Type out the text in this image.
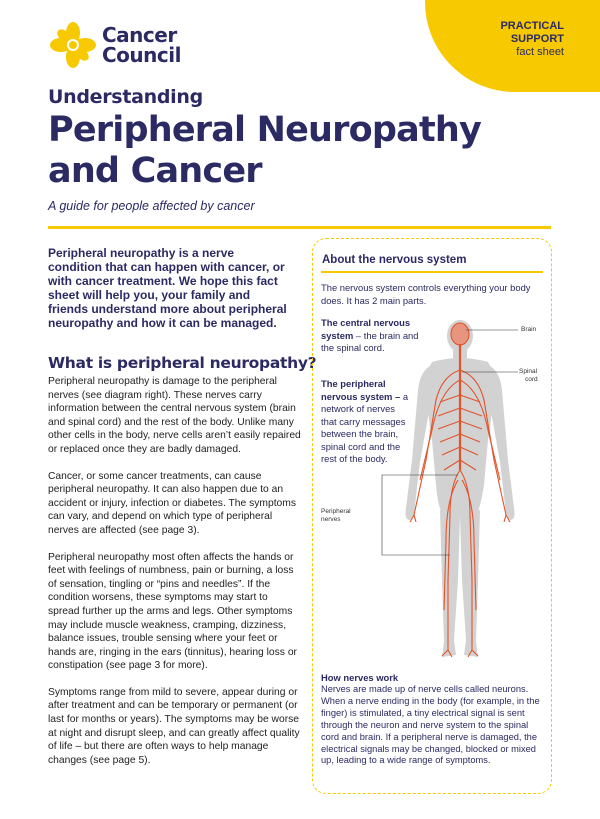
PRACTICAL
SUPPORT
fact sheet
Cancer
Council
Understanding
Peripheral Neuropathy and Cancer
A guide for people affected by cancer
Peripheral neuropathy is a nerve condition that can happen with cancer, or with cancer treatment. We hope this fact sheet will help you, your family and friends understand more about peripheral neuropathy and how it can be managed.
What is peripheral neuropathy?

Peripheral neuropathy is damage to the peripheral nerves (see diagram right). These nerves carry information between the central nervous system (brain and spinal cord) and the rest of the body. Unlike many other cells in the body, nerve cells aren’t easily repaired or replaced once they are badly damaged.

Cancer, or some cancer treatments, can cause peripheral neuropathy. It can also happen due to an accident or injury, infection or diabetes. The symptoms can vary, and depend on which type of peripheral nerves are affected (see page 3).

Peripheral neuropathy most often affects the hands or feet with feelings of numbness, pain or burning, a loss of sensation, tingling or “pins and needles”. If the condition worsens, these symptoms may start to spread further up the arms and legs. Other symptoms may include muscle weakness, cramping, dizziness, balance issues, trouble sensing where your feet or hands are, ringing in the ears (tinnitus), hearing loss or constipation (see page 3 for more).

Symptoms range from mild to severe, appear during or after treatment and can be temporary or permanent (or last for months or years). The symptoms may be worse at night and disrupt sleep, and can greatly affect quality of life – but there are often ways to help manage changes (see page 5).

About the nervous system
The nervous system controls everything your body does. It has 2 main parts.
The central nervous system – the brain and the spinal cord.
The peripheral nervous system – a network of nerves that carry messages between the brain, spinal cord and the rest of the body.
Brain
Spinal
cord
Peripheral
nerves
How nerves work
Nerves are made up of nerve cells called neurons. When a nerve ending in the body (for example, in the finger) is stimulated, a tiny electrical signal is sent through the neuron and nerve system to the spinal cord and brain. If a peripheral nerve is damaged, the electrical signals may be changed, blocked or mixed up, leading to a wide range of symptoms.
